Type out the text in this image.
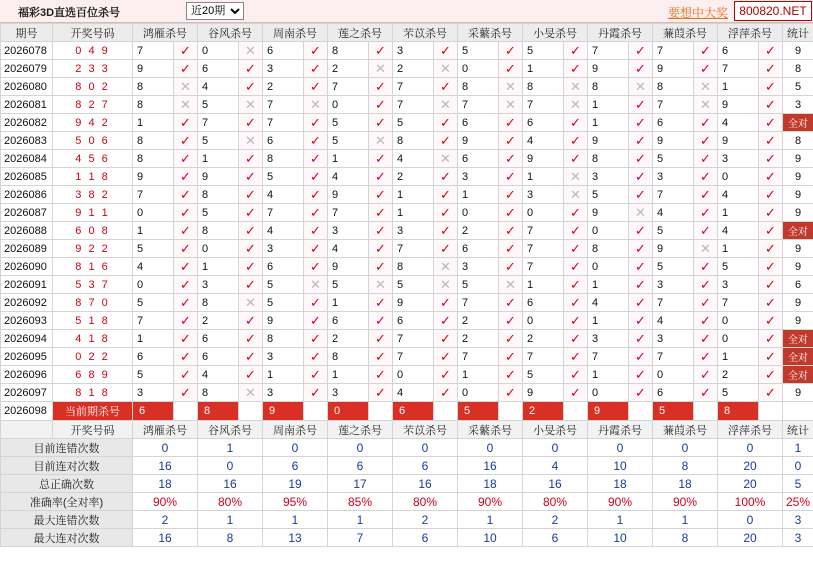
福彩3D直选百位杀号
近20期	要想中大奖 800820.NET
期号	开奖号码	鸿雁杀号		谷风杀号		周南杀号		莲之杀号		芣苡杀号		采蘩杀号		小旻杀号		丹霞杀号		蒹葭杀号		浮萍杀号		统计
2026078	0 4 9	7	✓	0	✕	6	✓	8	✓	3	✓	5	✓	5	✓	7	✓	7	✓	6	✓	9
2026079	2 3 3	9	✓	6	✓	3	✓	2	✕	2	✕	0	✓	1	✓	9	✓	9	✓	7	✓	8
2026080	8 0 2	8	✕	4	✓	2	✓	7	✓	7	✓	8	✕	8	✕	8	✕	8	✕	1	✓	5
2026081	8 2 7	8	✕	5	✕	7	✕	0	✓	7	✕	7	✕	7	✕	1	✓	7	✕	9	✓	3
2026082	9 4 2	1	✓	7	✓	7	✓	5	✓	5	✓	6	✓	6	✓	1	✓	6	✓	4	✓	全对
2026083	5 0 6	8	✓	5	✕	6	✓	5	✕	8	✓	9	✓	4	✓	9	✓	9	✓	9	✓	8
2026084	4 5 6	8	✓	1	✓	8	✓	1	✓	4	✕	6	✓	9	✓	8	✓	5	✓	3	✓	9
2026085	1 1 8	9	✓	9	✓	5	✓	4	✓	2	✓	3	✓	1	✕	3	✓	3	✓	0	✓	9
2026086	3 8 2	7	✓	8	✓	4	✓	9	✓	1	✓	1	✓	3	✕	5	✓	7	✓	4	✓	9
2026087	9 1 1	0	✓	5	✓	7	✓	7	✓	1	✓	0	✓	0	✓	9	✕	4	✓	1	✓	9
2026088	6 0 8	1	✓	8	✓	4	✓	3	✓	3	✓	2	✓	7	✓	0	✓	5	✓	4	✓	全对
2026089	9 2 2	5	✓	0	✓	3	✓	4	✓	7	✓	6	✓	7	✓	8	✓	9	✕	1	✓	9
2026090	8 1 6	4	✓	1	✓	6	✓	9	✓	8	✕	3	✓	7	✓	0	✓	5	✓	5	✓	9
2026091	5 3 7	0	✓	3	✓	5	✕	5	✕	5	✕	5	✕	1	✓	1	✓	3	✓	3	✓	6
2026092	8 7 0	5	✓	8	✕	5	✓	1	✓	9	✓	7	✓	6	✓	4	✓	7	✓	7	✓	9
2026093	5 1 8	7	✓	2	✓	9	✓	6	✓	6	✓	2	✓	0	✓	1	✓	4	✓	0	✓	9
2026094	4 1 8	1	✓	6	✓	8	✓	2	✓	7	✓	2	✓	2	✓	3	✓	3	✓	0	✓	全对
2026095	0 2 2	6	✓	6	✓	3	✓	8	✓	7	✓	7	✓	7	✓	7	✓	7	✓	1	✓	全对
2026096	6 8 9	5	✓	4	✓	1	✓	1	✓	0	✓	1	✓	5	✓	1	✓	0	✓	2	✓	全对
2026097	8 1 8	3	✓	8	✕	3	✓	3	✓	4	✓	0	✓	9	✓	0	✓	6	✓	5	✓	9
2026098	当前期杀号	6		8		9		0		6		5		2		9		5		8		
	开奖号码	鸿雁杀号		谷风杀号		周南杀号		莲之杀号		芣苡杀号		采蘩杀号		小旻杀号		丹霞杀号		蒹葭杀号		浮萍杀号		统计
目前连错次数		0		1		0		0		0		0		0		0		0		0		1
目前连对次数		16		0		6		6		6		16		4		10		8		20		0
总正确次数		18		16		19		17		16		18		16		18		18		20		5
准确率(全对率)		90%		80%		95%		85%		80%		90%		80%		90%		90%		100%		25%
最大连错次数		2		1		1		1		2		1		2		1		1		0		3
最大连对次数		16		8		13		7		6		10		6		10		8		20		3
